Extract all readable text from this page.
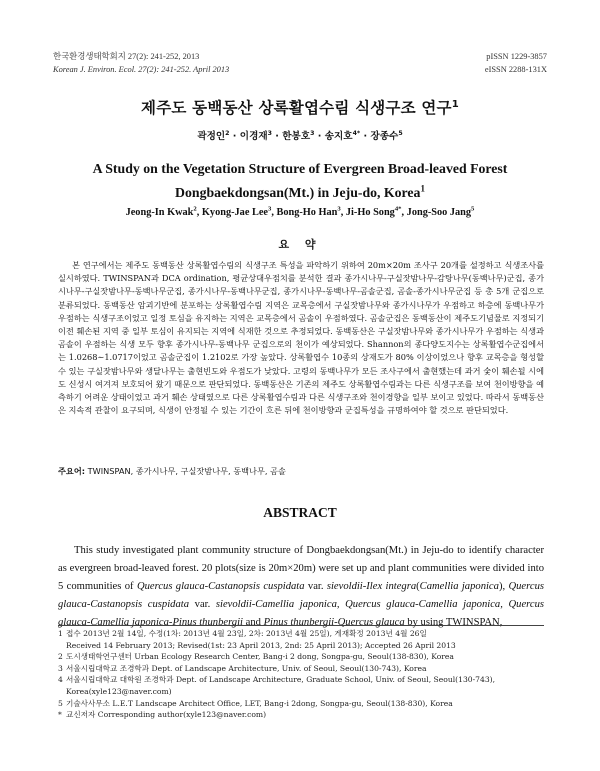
한국환경생태학회지 27(2): 241-252, 2013
Korean J. Environ. Ecol. 27(2): 241-252. April 2013
pISSN 1229-3857
eISSN 2288-131X
제주도 동백동산 상록활엽수림 식생구조 연구$^1$
곽정인$^2$ · 이경재$^3$ · 한봉호$^3$ · 송지호$^{4*}$ · 장종수$^5$
A Study on the Vegetation Structure of Evergreen Broad-leaved Forest
Dongbaekdongsan(Mt.) in Jeju-do, Korea$^1$
Jeong-In Kwak$^2$, Kyong-Jae Lee$^3$, Bong-Ho Han$^3$, Ji-Ho Song$^{4*}$, Jong-Soo Jang$^5$
요 약

본 연구에서는 제주도 동백동산 상록활엽수림의 식생구조 특성을 파악하기 위하여 20m×20m 조사구 20개를 설정하고 식생조사를 실시하였다. TWINSPAN과 DCA ordination, 평균상대우점치를 분석한 결과 종가시나무-구실잣밤나무-감탕나무(동백나무)군집, 종가시나무-구실잣밤나무-동백나무군집, 종가시나무-동백나무군집, 종가시나무-동백나무-곰솔군집, 곰솔-종가시나무군집 등 총 5개 군집으로 분류되었다. 동백동산 암괴기반에 분포하는 상록활엽수림 지역은 교목층에서 구실잣밤나무와 종가시나무가 우점하고 하층에 동백나무가 우점하는 식생구조이었고 일정 토심을 유지하는 지역은 교목층에서 곰솔이 우점하였다. 곰솔군집은 동백동산이 제주도기념물로 지정되기 이전 훼손된 지역 중 일부 토심이 유지되는 지역에 식재한 것으로 추정되었다. 동백동산은 구실잣밤나무와 종가시나무가 우점하는 식생과 곰솔이 우점하는 식생 모두 향후 종가시나무-동백나무 군집으로의 천이가 예상되었다. Shannon의 종다양도지수는 상록활엽수군집에서는 1.0268∼1.0717이었고 곰솔군집이 1.2102로 가장 높았다. 상록활엽수 10종의 상재도가 80% 이상이었으나 향후 교목층을 형성할 수 있는 구실잣밤나무와 생달나무는 출현빈도와 우점도가 낮았다. 고령의 동백나무가 모든 조사구에서 출현했는데 과거 숯이 훼손될 시에도 신성시 여겨져 보호되어 왔기 때문으로 판단되었다. 동백동산은 기존의 제주도 상록활엽수림과는 다른 식생구조를 보여 천이방향을 예측하기 어려운 상태이었고 과거 훼손 상태였으로 다른 상록활엽수림과 다른 식생구조와 천이경향을 일부 보이고 있었다. 따라서 동백동산은 지속적 관찰이 요구되며, 식생이 안정될 수 있는 기간이 흐른 뒤에 천이방향과 군집특성을 규명하여야 할 것으로 판단되었다.

주요어: TWINSPAN, 종가시나무, 구실잣밤나무, 동백나무, 곰솔
ABSTRACT

This study investigated plant community structure of Dongbaekdongsan(Mt.) in Jeju-do to identify character as evergreen broad-leaved forest. 20 plots(size is 20m×20m) were set up and plant communities were divided into 5 communities of Quercus glauca-Castanopsis cuspidata var. sievoldii-Ilex integra(Camellia japonica), Quercus glauca-Castanopsis cuspidata var. sievoldii-Camellia japonica, Quercus glauca-Camellia japonica, Quercus glauca-Camellia japonica-Pinus thunbergii and Pinus thunbergii-Quercus glauca by using TWINSPAN,

1 접수 2013년 2월 14일, 수정(1차: 2013년 4월 23일, 2차: 2013년 4월 25일), 게재확정 2013년 4월 26일
Received 14 February 2013; Revised(1st: 23 April 2013, 2nd: 25 April 2013); Accepted 26 April 2013
2 도시생태학연구센터 Urban Ecology Research Center, Bang-i 2 dong, Songpa-gu, Seoul(138-830), Korea
3 서울시립대학교 조경학과 Dept. of Landscape Architecture, Univ. of Seoul, Seoul(130-743), Korea
4 서울시립대학교 대학원 조경학과 Dept. of Landscape Architecture, Graduate School, Univ. of Seoul, Seoul(130-743), Korea(xyle123@naver.com)
5 기술사사무소 L.E.T Landscape Architect Office, LET, Bang-i 2dong, Songpa-gu, Seoul(138-830), Korea
* 교신저자 Corresponding author(xyle123@naver.com)
